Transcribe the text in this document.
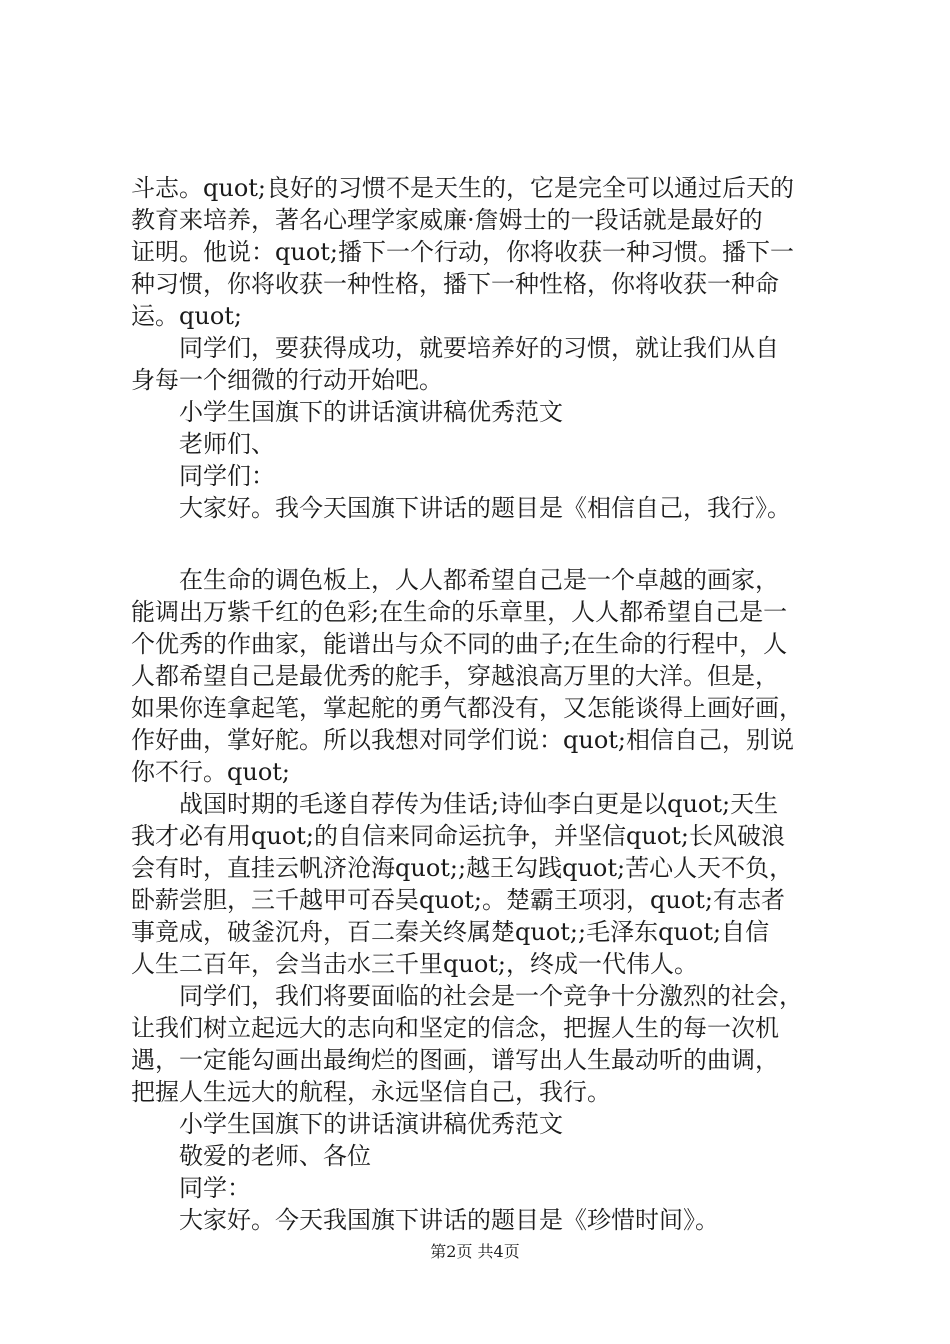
斗志。quot;良好的习惯不是天生的，它是完全可以通过后天的
教育来培养，著名心理学家威廉·詹姆士的一段话就是最好的
证明。他说：quot;播下一个行动，你将收获一种习惯。播下一
种习惯，你将收获一种性格，播下一种性格，你将收获一种命
运。quot;
同学们，要获得成功，就要培养好的习惯，就让我们从自
身每一个细微的行动开始吧。
小学生国旗下的讲话演讲稿优秀范文
老师们、
同学们：
大家好。我今天国旗下讲话的题目是《相信自己，我行》。
在生命的调色板上，人人都希望自己是一个卓越的画家，
能调出万紫千红的色彩;在生命的乐章里，人人都希望自己是一
个优秀的作曲家，能谱出与众不同的曲子;在生命的行程中，人
人都希望自己是最优秀的舵手，穿越浪高万里的大洋。但是，
如果你连拿起笔，掌起舵的勇气都没有，又怎能谈得上画好画，
作好曲，掌好舵。所以我想对同学们说：quot;相信自己，别说
你不行。quot;
战国时期的毛遂自荐传为佳话;诗仙李白更是以quot;天生
我才必有用quot;的自信来同命运抗争，并坚信quot;长风破浪
会有时，直挂云帆济沧海quot;;越王勾践quot;苦心人天不负，
卧薪尝胆，三千越甲可吞吴quot;。楚霸王项羽，quot;有志者
事竟成，破釜沉舟，百二秦关终属楚quot;;毛泽东quot;自信
人生二百年，会当击水三千里quot;，终成一代伟人。
同学们，我们将要面临的社会是一个竞争十分激烈的社会，
让我们树立起远大的志向和坚定的信念，把握人生的每一次机
遇，一定能勾画出最绚烂的图画，谱写出人生最动听的曲调，
把握人生远大的航程，永远坚信自己，我行。
小学生国旗下的讲话演讲稿优秀范文
敬爱的老师、各位
同学：
大家好。今天我国旗下讲话的题目是《珍惜时间》。
第2页 共4页
